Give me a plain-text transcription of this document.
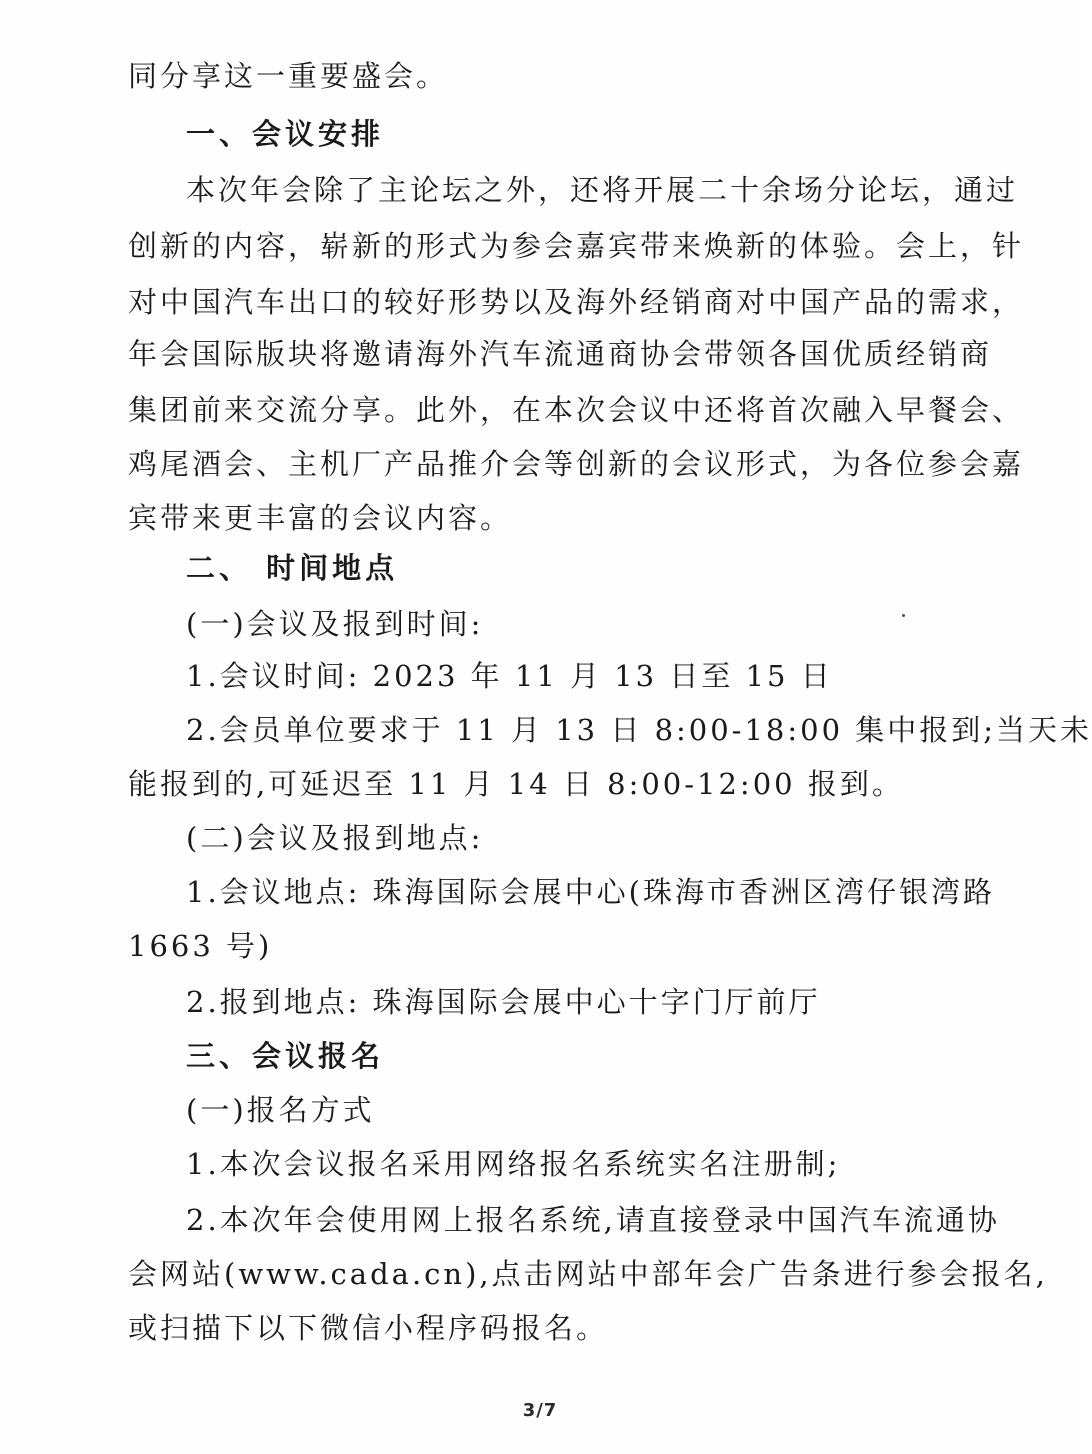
同分享这一重要盛会。
一、会议安排
本次年会除了主论坛之外，还将开展二十余场分论坛，通过
创新的内容，崭新的形式为参会嘉宾带来焕新的体验。会上，针
对中国汽车出口的较好形势以及海外经销商对中国产品的需求，
年会国际版块将邀请海外汽车流通商协会带领各国优质经销商
集团前来交流分享。此外，在本次会议中还将首次融入早餐会、
鸡尾酒会、主机厂产品推介会等创新的会议形式，为各位参会嘉
宾带来更丰富的会议内容。
二、 时间地点
(一)会议及报到时间:
1.会议时间: 2023 年 11 月 13 日至 15 日
2.会员单位要求于 11 月 13 日 8:00-18:00 集中报到;当天未
能报到的,可延迟至 11 月 14 日 8:00-12:00 报到。
(二)会议及报到地点:
1.会议地点: 珠海国际会展中心(珠海市香洲区湾仔银湾路
1663 号)
2.报到地点: 珠海国际会展中心十字门厅前厅
三、会议报名
(一)报名方式
1.本次会议报名采用网络报名系统实名注册制;
2.本次年会使用网上报名系统,请直接登录中国汽车流通协
会网站(www.cada.cn),点击网站中部年会广告条进行参会报名,
或扫描下以下微信小程序码报名。
3/7
